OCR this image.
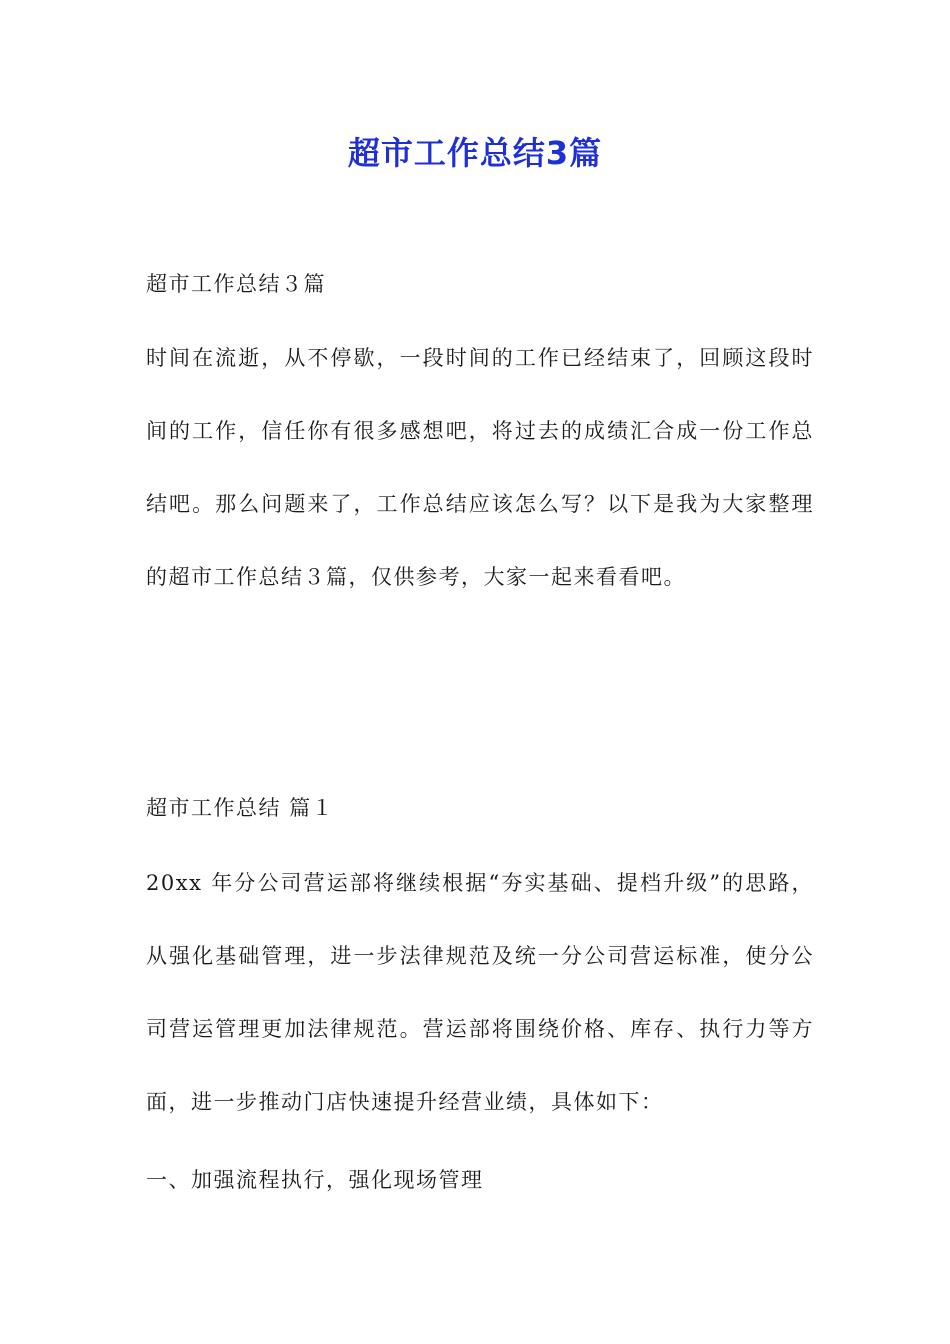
超市工作总结3篇

超市工作总结３篇

时间在流逝，从不停歇，一段时间的工作已经结束了，回顾这段时间的工作，信任你有很多感想吧，将过去的成绩汇合成一份工作总结吧。那么问题来了，工作总结应该怎么写？以下是我为大家整理的超市工作总结３篇，仅供参考，大家一起来看看吧。

超市工作总结 篇１

20xx 年分公司营运部将继续根据“夯实基础、提档升级”的思路，从强化基础管理，进一步法律规范及统一分公司营运标准，使分公司营运管理更加法律规范。营运部将围绕价格、库存、执行力等方面，进一步推动门店快速提升经营业绩，具体如下：

一、加强流程执行，强化现场管理
